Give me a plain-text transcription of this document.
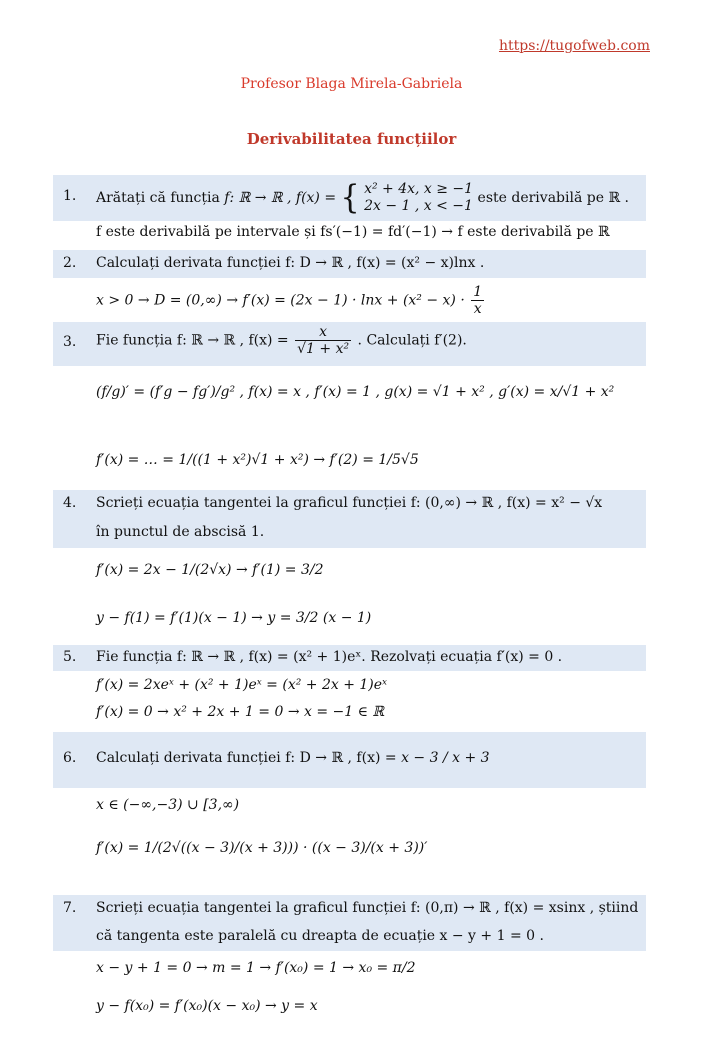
https://tugofweb.com
Profesor Blaga Mirela-Gabriela
Derivabilitatea funcțiilor
1. Arătați că funcția f: ℝ → ℝ , f(x) = { x² + 4x, x ≥ −1
2x − 1 , x < −1 este derivabilă pe ℝ .
f este derivabilă pe intervale și fs′(−1) = fd′(−1) → f este derivabilă pe ℝ
2. Calculați derivata funcției f: D → ℝ , f(x) = (x² − x)lnx .
$x > 0 \to D = (0,\infty) \to f'(x) = (2x - 1) \cdot \ln x + (x^2 - x) \cdot \frac{1}{x}$
3. Fie funcția f: ℝ → ℝ , $f(x) = \frac{x}{\text{√1 + x²}}$ . Calculați f′(2).
(f/g)′ = (f′g − fg′)/g² , f(x) = x , f′(x) = 1 , g(x) = √1 + x² , g′(x) = x/√1 + x²
f′(x) = … = 1/((1 + x²)√1 + x²) → f′(2) = 1/5√5
4. Scrieți ecuația tangentei la graficul funcției f: (0,∞) → ℝ , f(x) = x² − √x
în punctul de abscisă 1.
f′(x) = 2x − 1/(2√x) → f′(1) = 3/2
y − f(1) = f′(1)(x − 1) → y = 3/2 (x − 1)
5. Fie funcția f: ℝ → ℝ , f(x) = (x² + 1)eˣ. Rezolvați ecuația f′(x) = 0 .
f′(x) = 2xeˣ + (x² + 1)eˣ = (x² + 2x + 1)eˣ
f′(x) = 0 → x² + 2x + 1 = 0 → x = −1 ∈ ℝ
6. Calculați derivata funcției f: D → ℝ , f(x) = x − 3 / x + 3
x ∈ (−∞,−3) ∪ [3,∞)
f′(x) = 1/(2√((x − 3)/(x + 3))) · ((x − 3)/(x + 3))′
7. Scrieți ecuația tangentei la graficul funcției f: (0,π) → ℝ , f(x) = xsinx , știind
că tangenta este paralelă cu dreapta de ecuație x − y + 1 = 0 .
x − y + 1 = 0 → m = 1 → f′(x₀) = 1 → x₀ = π/2
y − f(x₀) = f′(x₀)(x − x₀) → y = x
